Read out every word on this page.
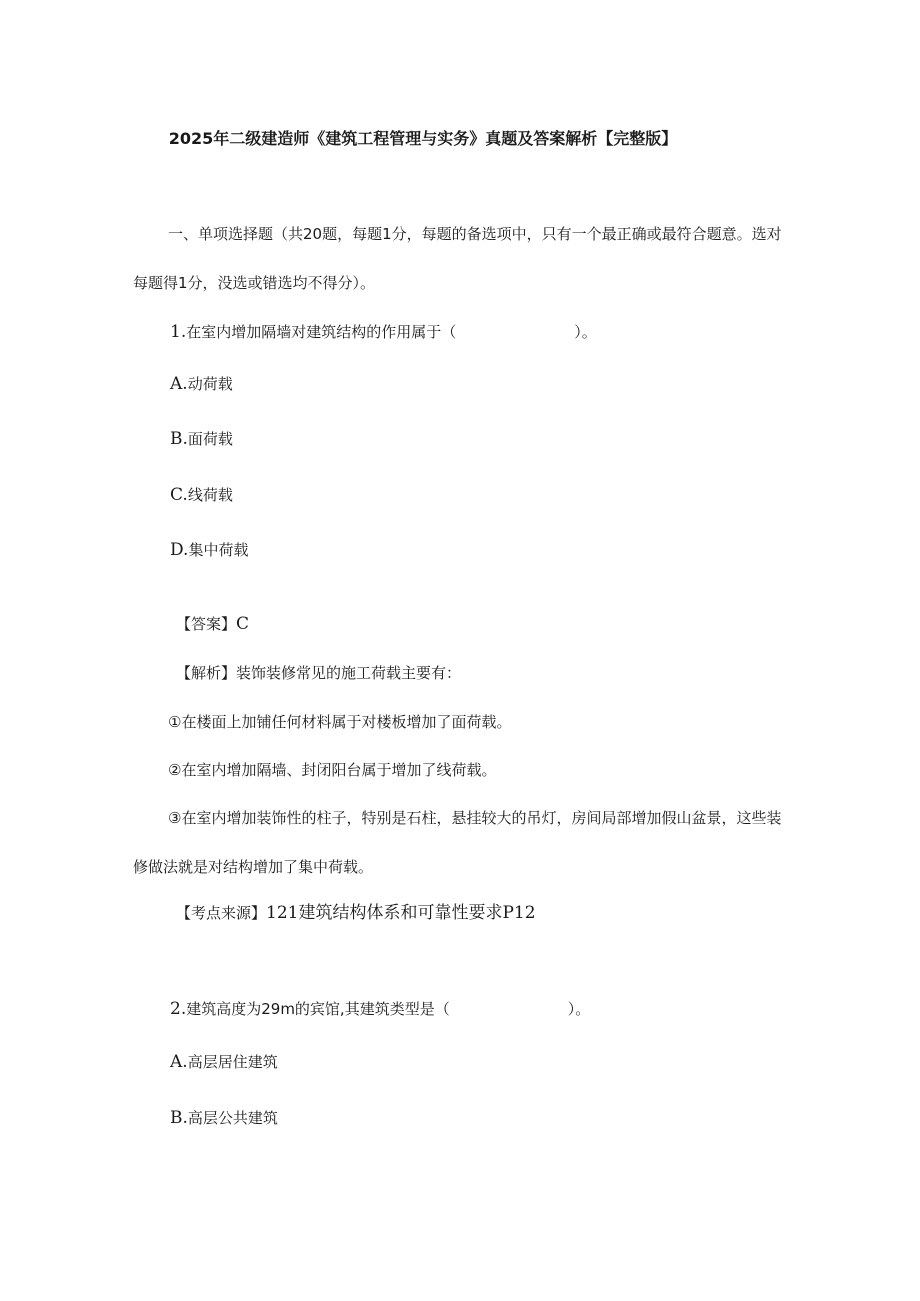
2025年二级建造师《建筑工程管理与实务》真题及答案解析【完整版】
一、单项选择题（共20题，每题1分，每题的备选项中，只有一个最正确或最符合题意。选对
每题得1分，没选或错选均不得分）。
1.在室内增加隔墙对建筑结构的作用属于（	）。
A.动荷载
B.面荷载
C.线荷载
D.集中荷载
【答案】C
【解析】装饰装修常见的施工荷载主要有：
①在楼面上加铺任何材料属于对楼板增加了面荷载。
②在室内增加隔墙、封闭阳台属于增加了线荷载。
③在室内增加装饰性的柱子，特别是石柱，悬挂较大的吊灯，房间局部增加假山盆景，这些装
修做法就是对结构增加了集中荷载。
【考点来源】121建筑结构体系和可靠性要求P12
2.建筑高度为29m的宾馆,其建筑类型是（	）。
A.高层居住建筑
B.高层公共建筑
